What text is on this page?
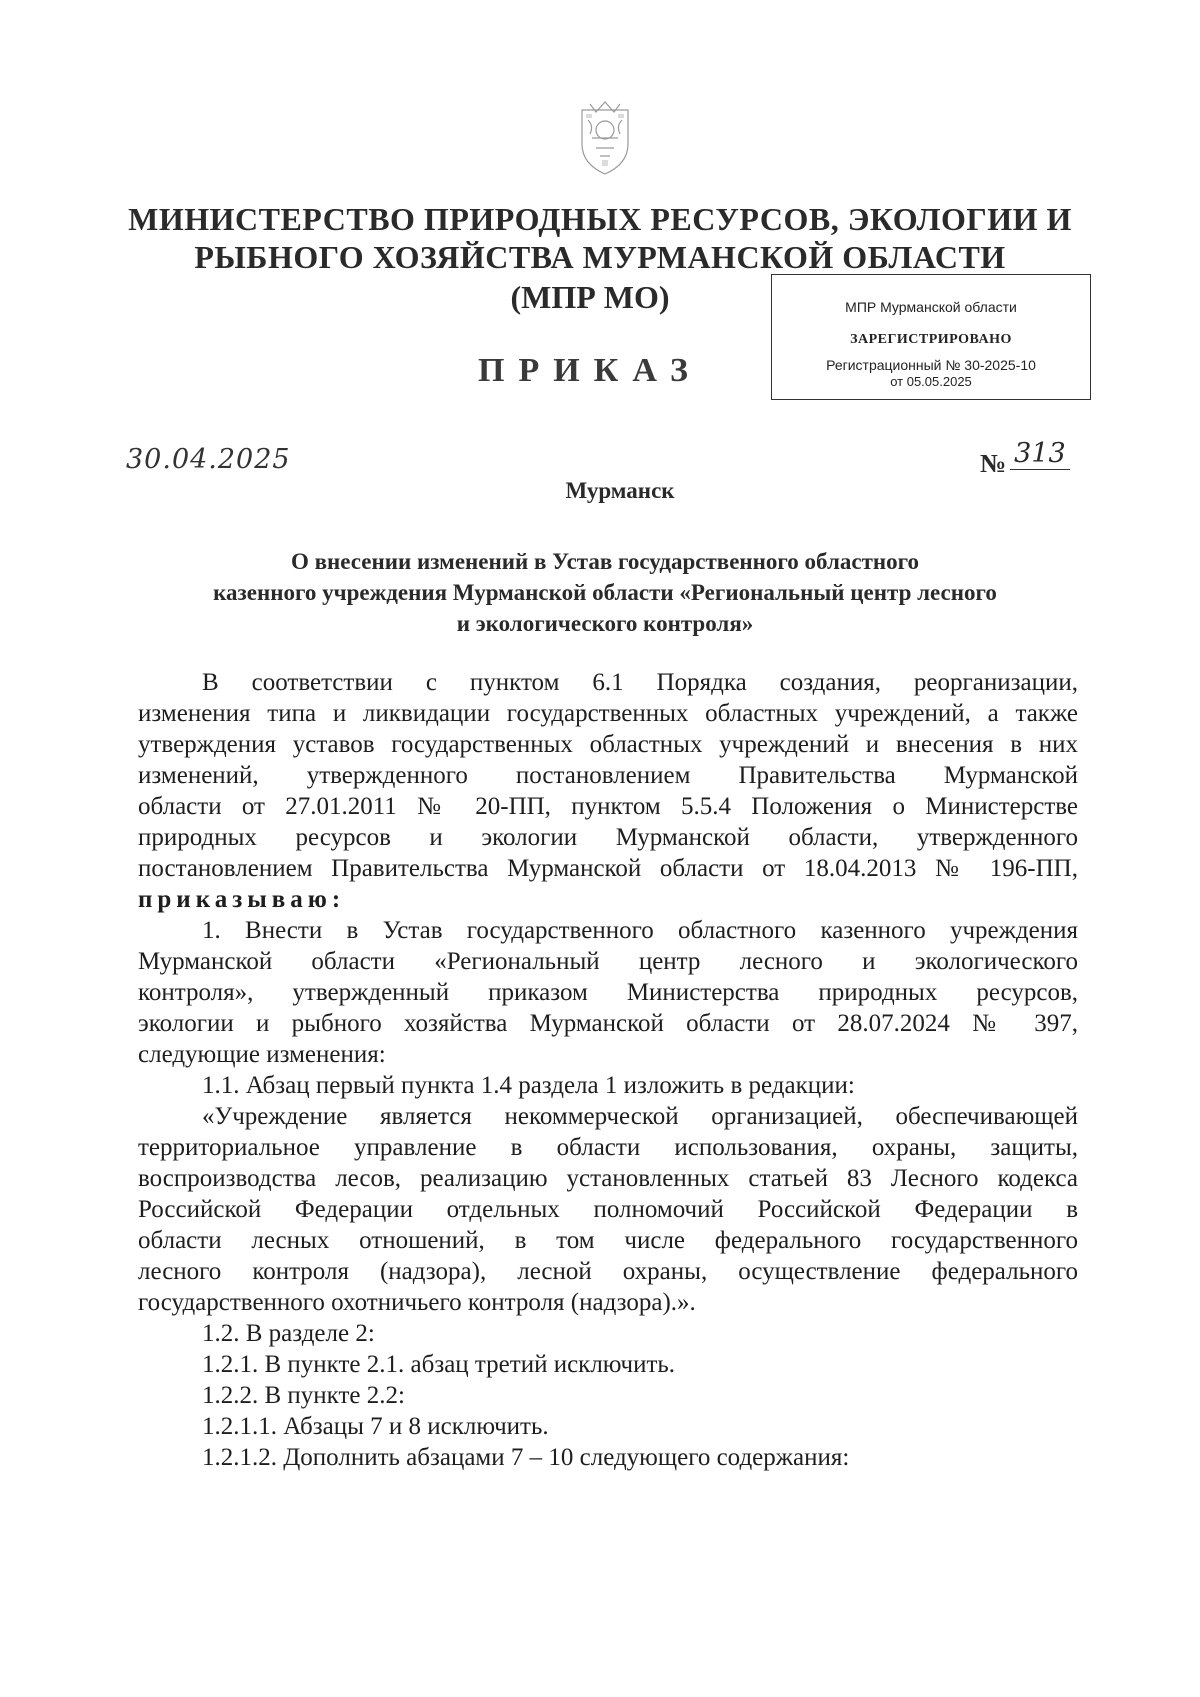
МИНИСТЕРСТВО ПРИРОДНЫХ РЕСУРСОВ, ЭКОЛОГИИ И
РЫБНОГО ХОЗЯЙСТВА МУРМАНСКОЙ ОБЛАСТИ
(МПР МО)
ПРИКАЗ
МПР Мурманской области
ЗАРЕГИСТРИРОВАНО
Регистрационный № 30-2025-10
от 05.05.2025
30.04.2025	№ 313
Мурманск
О внесении изменений в Устав государственного областного
казенного учреждения Мурманской области «Региональный центр лесного
и экологического контроля»
В соответствии с пунктом 6.1 Порядка создания, реорганизации,
изменения типа и ликвидации государственных областных учреждений, а также
утверждения уставов государственных областных учреждений и внесения в них
изменений, утвержденного постановлением Правительства Мурманской
области от 27.01.2011 № 20-ПП, пунктом 5.5.4 Положения о Министерстве
природных ресурсов и экологии Мурманской области, утвержденного
постановлением Правительства Мурманской области от 18.04.2013 № 196-ПП,
приказываю:
1. Внести в Устав государственного областного казенного учреждения
Мурманской области «Региональный центр лесного и экологического
контроля», утвержденный приказом Министерства природных ресурсов,
экологии и рыбного хозяйства Мурманской области от 28.07.2024 № 397,
следующие изменения:
1.1. Абзац первый пункта 1.4 раздела 1 изложить в редакции:
«Учреждение является некоммерческой организацией, обеспечивающей
территориальное управление в области использования, охраны, защиты,
воспроизводства лесов, реализацию установленных статьей 83 Лесного кодекса
Российской Федерации отдельных полномочий Российской Федерации в
области лесных отношений, в том числе федерального государственного
лесного контроля (надзора), лесной охраны, осуществление федерального
государственного охотничьего контроля (надзора).».
1.2. В разделе 2:
1.2.1. В пункте 2.1. абзац третий исключить.
1.2.2. В пункте 2.2:
1.2.1.1. Абзацы 7 и 8 исключить.
1.2.1.2. Дополнить абзацами 7 – 10 следующего содержания:
